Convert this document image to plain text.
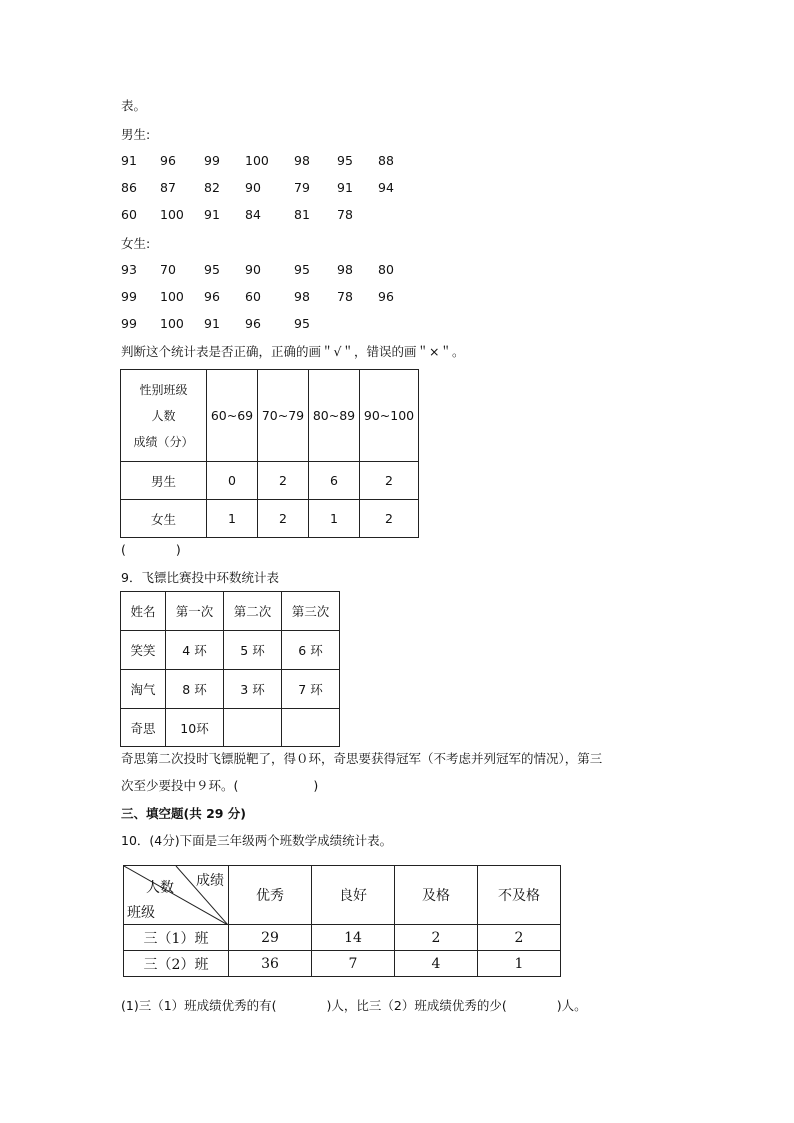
表。
男生:
91 96 99 100 98 95 88
86 87 82 90	79 91 94
60 100 91 84	81 78
女生:
93 70 95 90	95 98 80
99 100 96 60	98 78 96
99 100 91 96	95
判断这个统计表是否正确，正确的画＂√＂，错误的画＂×＂。
性别班级
人数
成绩（分）	60~69	70~79	80~89	90~100
男生	0	2	6	2
女生	1	2	1	2
(　　　　)
9．飞镖比赛投中环数统计表
姓名	第一次	第二次	第三次
笑笑	4 环	5 环	6 环
淘气	8 环	3 环	7 环
奇思	10环		
奇思第二次投时飞镖脱靶了，得０环，奇思要获得冠军（不考虑并列冠军的情况），第三
次至少要投中９环。(　　　　　　)
三、填空题(共 29 分)
10．(4分)下面是三年级两个班数学成绩统计表。
成绩
人数
班级	优秀	良好	及格	不及格
三（1）班	29	14	2	2
三（2）班	36	7	4	1
(1)三（1）班成绩优秀的有(　　　　)人，比三（2）班成绩优秀的少(　　　　)人。
